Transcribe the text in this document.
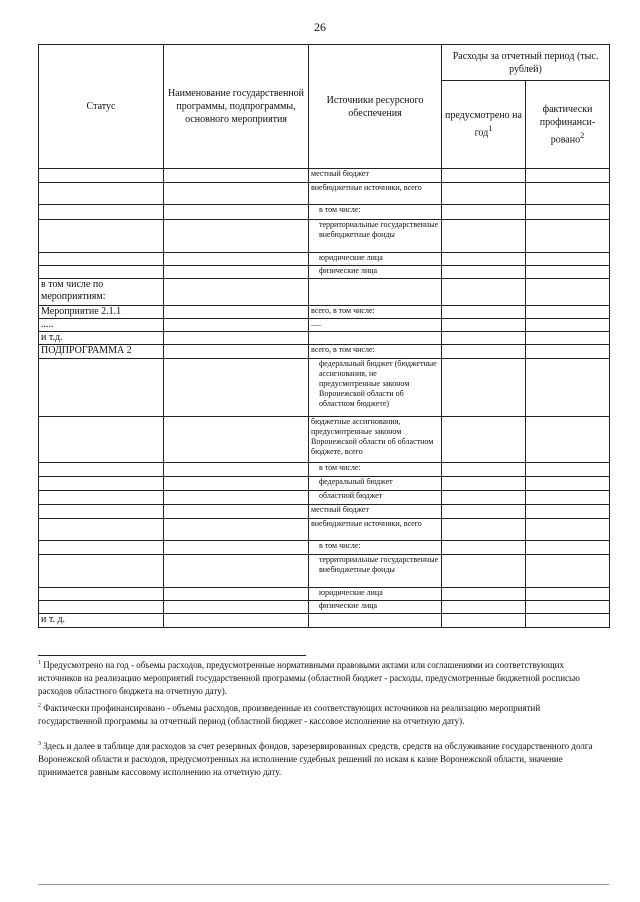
26
Статус	Наименование государственной программы, подпрограммы, основного мероприятия	Источники ресурсного обеспечения	Расходы за отчетный период (тыс. рублей)	
			предусмотрено на год$^1$	фактически профинанси-ровано$^2$
		местный бюджет		
		внебюджетные источники, всего		
		в том числе:		
		территориальные государственные внебюджетные фонды		
		юридические лица		
		физические лица		
в том числе по мероприятиям:				
Мероприятие 2.1.1		всего, в том числе:		
.....		.....		
и т.д.				
ПОДПРОГРАММА 2		всего, в том числе:		
		федеральный бюджет (бюджетные ассигнования, не предусмотренные законом Воронежской области об областном бюджете)		
		бюджетные ассигнования, предусмотренные законом Воронежской области об областном бюджете, всего		
		в том числе:		
		федеральный бюджет		
		областной бюджет		
		местный бюджет		
		внебюджетные источники, всего		
		в том числе:		
		территориальные государственные внебюджетные фонды		
		юридические лица		
		физические лица		
и т. д.				
$^1$ Предусмотрено на год - объемы расходов, предусмотренные нормативными правовыми актами или соглашениями из соответствующих источников на реализацию мероприятий государственной программы (областной бюджет - расходы, предусмотренные бюджетной росписью расходов областного бюджета на отчетную дату).
$^2$ Фактически профинансировано - объемы расходов, произведенные из соответствующих источников на реализацию мероприятий государственной программы за отчетный период (областной бюджет - кассовое исполнение на отчетную дату).
$^3$ Здесь и далее в таблице для расходов за счет резервных фондов, зарезервированных средств, средств на обслуживание государственного долга Воронежской области и расходов, предусмотренных на исполнение судебных решений по искам к казне Воронежской области, значение принимается равным кассовому исполнению на отчетную дату.
